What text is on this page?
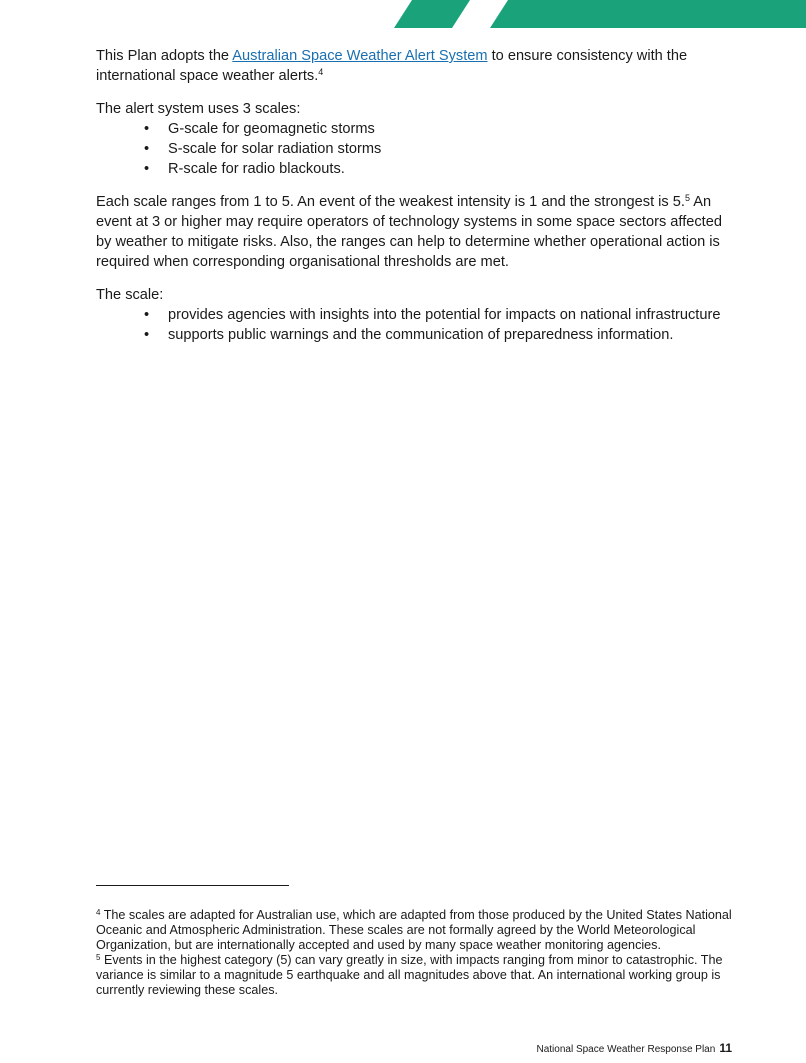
This Plan adopts the Australian Space Weather Alert System to ensure consistency with the international space weather alerts.$^4$

The alert system uses 3 scales:

• G-scale for geomagnetic storms
• S-scale for solar radiation storms
• R-scale for radio blackouts.

Each scale ranges from 1 to 5. An event of the weakest intensity is 1 and the strongest is 5.$^5$ An event at 3 or higher may require operators of technology systems in some space sectors affected by weather to mitigate risks. Also, the ranges can help to determine whether operational action is required when corresponding organisational thresholds are met.

The scale:

• provides agencies with insights into the potential for impacts on national infrastructure
• supports public warnings and the communication of preparedness information.

$^4$ The scales are adapted for Australian use, which are adapted from those produced by the United States National Oceanic and Atmospheric Administration. These scales are not formally agreed by the World Meteorological Organization, but are internationally accepted and used by many space weather monitoring agencies.

$^5$ Events in the highest category (5) can vary greatly in size, with impacts ranging from minor to catastrophic. The variance is similar to a magnitude 5 earthquake and all magnitudes above that. An international working group is currently reviewing these scales.

National Space Weather Response Plan 11
